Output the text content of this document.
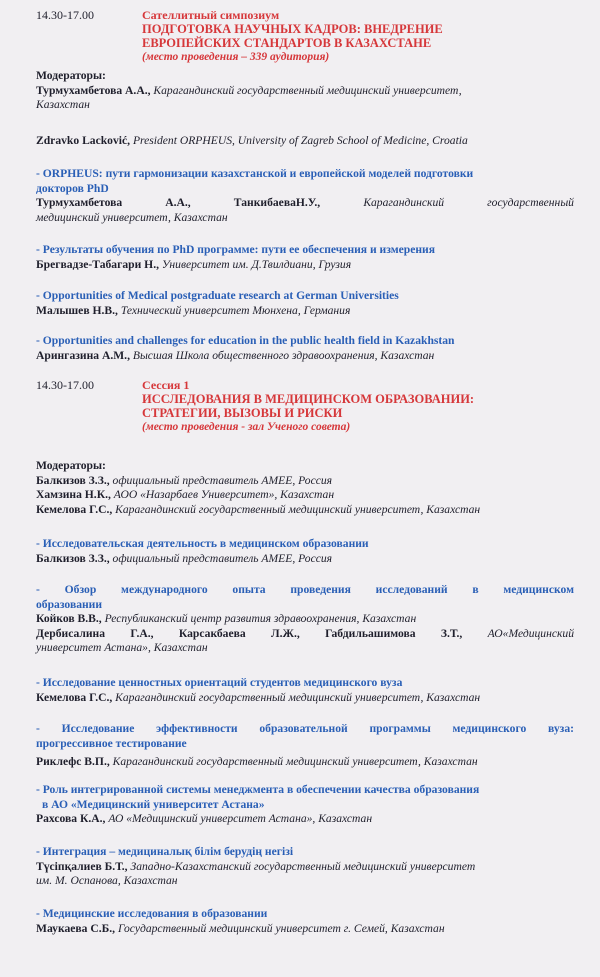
14.30-17.00	Сателлитный симпозиум
ПОДГОТОВКА НАУЧНЫХ КАДРОВ: ВНЕДРЕНИЕ
ЕВРОПЕЙСКИХ СТАНДАРТОВ В КАЗАХСТАНЕ
(место проведения – 339 аудитория)

Модераторы:

Турмухамбетова А.А., Карагандинский государственный медицинский университет,

Казахстан

Zdravko Lacković, President ORPHEUS, University of Zagreb School of Medicine, Croatia

- ORPHEUS: пути гармонизации казахстанской и европейской моделей подготовки

докторов PhD

Турмухамбетова	А.А.,	ТанкибаеваН.У.,	Карагандинский	государственный

медицинский университет, Казахстан

- Результаты обучения по PhD программе: пути ее обеспечения и измерения

Брегвадзе-Табагари Н., Университет им. Д.Твилдиани, Грузия

- Opportunities of Medical postgraduate research at German Universities

Малышев Н.В., Технический университет Мюнхена, Германия

- Opportunities and challenges for education in the public health field in Kazakhstan

Арингазина А.М., Высшая Школа общественного здравоохранения, Казахстан

14.30-17.00	Сессия 1
ИССЛЕДОВАНИЯ В МЕДИЦИНСКОМ ОБРАЗОВАНИИ:
СТРАТЕГИИ, ВЫЗОВЫ И РИСКИ
(место проведения - зал Ученого совета)

Модераторы:

Балкизов З.З., официальный представитель AMEE, Россия

Хамзина Н.К., АОО «Назарбаев Университет», Казахстан

Кемелова Г.С., Карагандинский государственный медицинский университет, Казахстан

- Исследовательская деятельность в медицинском образовании

Балкизов З.З., официальный представитель AMEE, Россия

- Обзор международного опыта проведения исследований в медицинском

образовании

Койков В.В., Республиканский центр развития здравоохранения, Казахстан

Дербисалина Г.А., Карсакбаева Л.Ж., Габдильашимова З.Т., АО«Медицинский

университет Астана», Казахстан

- Исследование ценностных ориентаций студентов медицинского вуза

Кемелова Г.С., Карагандинский государственный медицинский университет, Казахстан

- Исследование эффективности образовательной программы медицинского вуза:

прогрессивное тестирование

Риклефс В.П., Карагандинский государственный медицинский университет, Казахстан

- Роль интегрированной системы менеджмента в обеспечении качества образования

в АО «Медицинский университет Астана»

Рахсова К.А., АО «Медицинский университет Астана», Казахстан

- Интеграция – медициналық білім берудің негізі

Түсіпқалиев Б.Т., Западно-Казахстанский государственный медицинский университет

им. М. Оспанова, Казахстан

- Медицинские исследования в образовании

Маукаева С.Б., Государственный медицинский университет г. Семей, Казахстан
